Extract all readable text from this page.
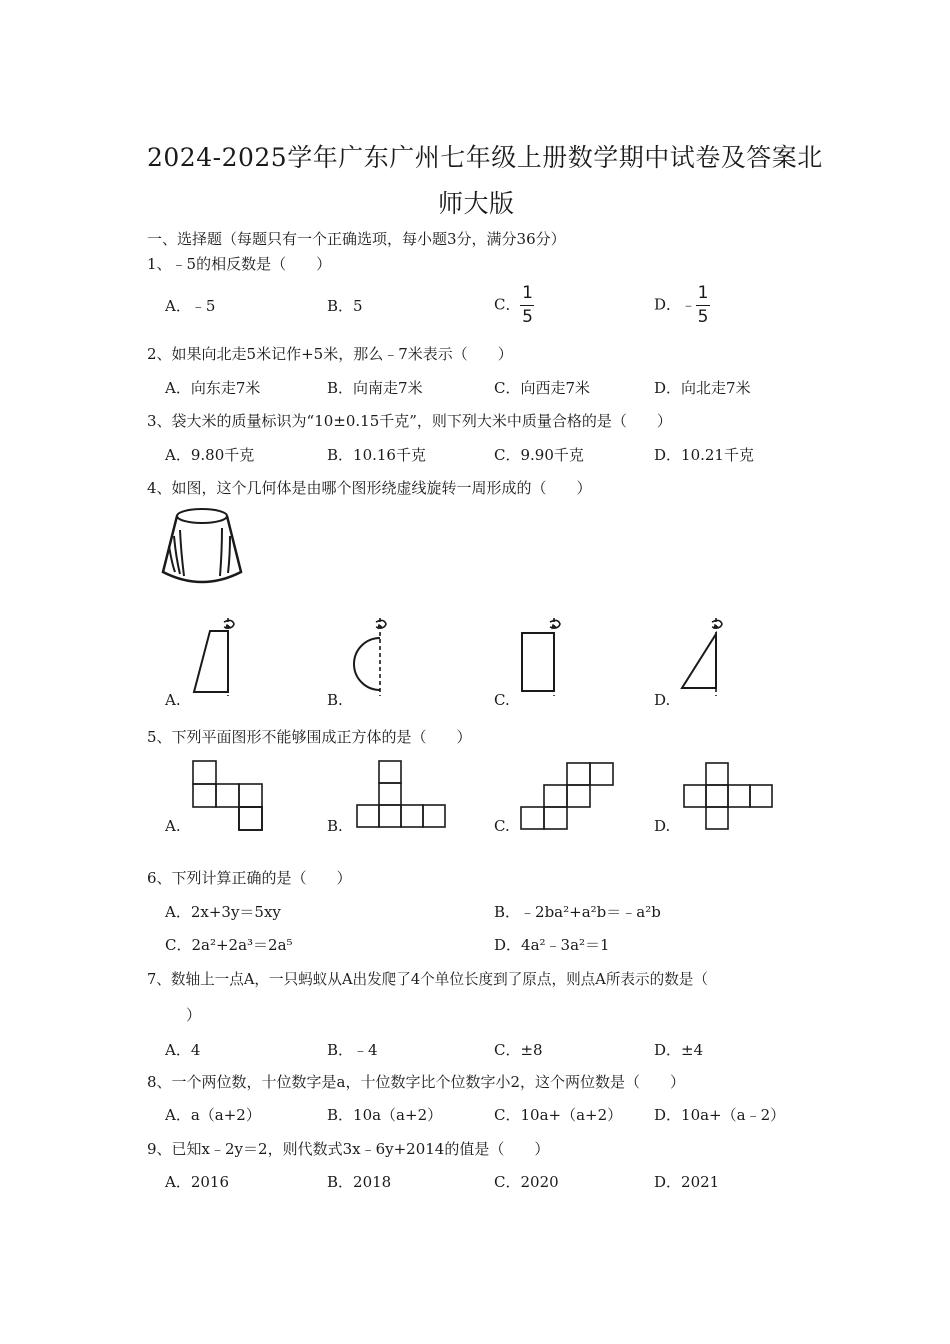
2024-2025学年广东广州七年级上册数学期中试卷及答案北
师大版
一、选择题（每题只有一个正确选项，每小题3分，满分36分）
1、﹣5的相反数是（　　）
A．﹣5	B．5	C． $\frac{1}{5}$	D．﹣ $\frac{1}{5}$
2、如果向北走5米记作+5米，那么﹣7米表示（　　）
A．向东走7米	B．向南走7米	C．向西走7米	D．向北走7米
3、袋大米的质量标识为“10±0.15千克”，则下列大米中质量合格的是（　　）
A．9.80千克	B．10.16千克	C．9.90千克	D．10.21千克
4、如图，这个几何体是由哪个图形绕虚线旋转一周形成的（　　）
A.	B.	C.	D.
5、下列平面图形不能够围成正方体的是（　　）
A.	B.	C.	D.
6、下列计算正确的是（　　）
A．2x+3y＝5xy	B．﹣2ba²+a²b＝﹣a²b
C．2a²+2a³＝2a⁵	D．4a²﹣3a²＝1
7、数轴上一点A，一只蚂蚁从A出发爬了4个单位长度到了原点，则点A所表示的数是（
）
A．4	B．﹣4	C．±8	D．±4
8、一个两位数，十位数字是a，十位数字比个位数字小2，这个两位数是（　　）
A．a（a+2）	B．10a（a+2）	C．10a+（a+2） D．10a+（a﹣2）
9、已知x﹣2y＝2，则代数式3x﹣6y+2014的值是（　　）
A．2016	B．2018	C．2020	D．2021
